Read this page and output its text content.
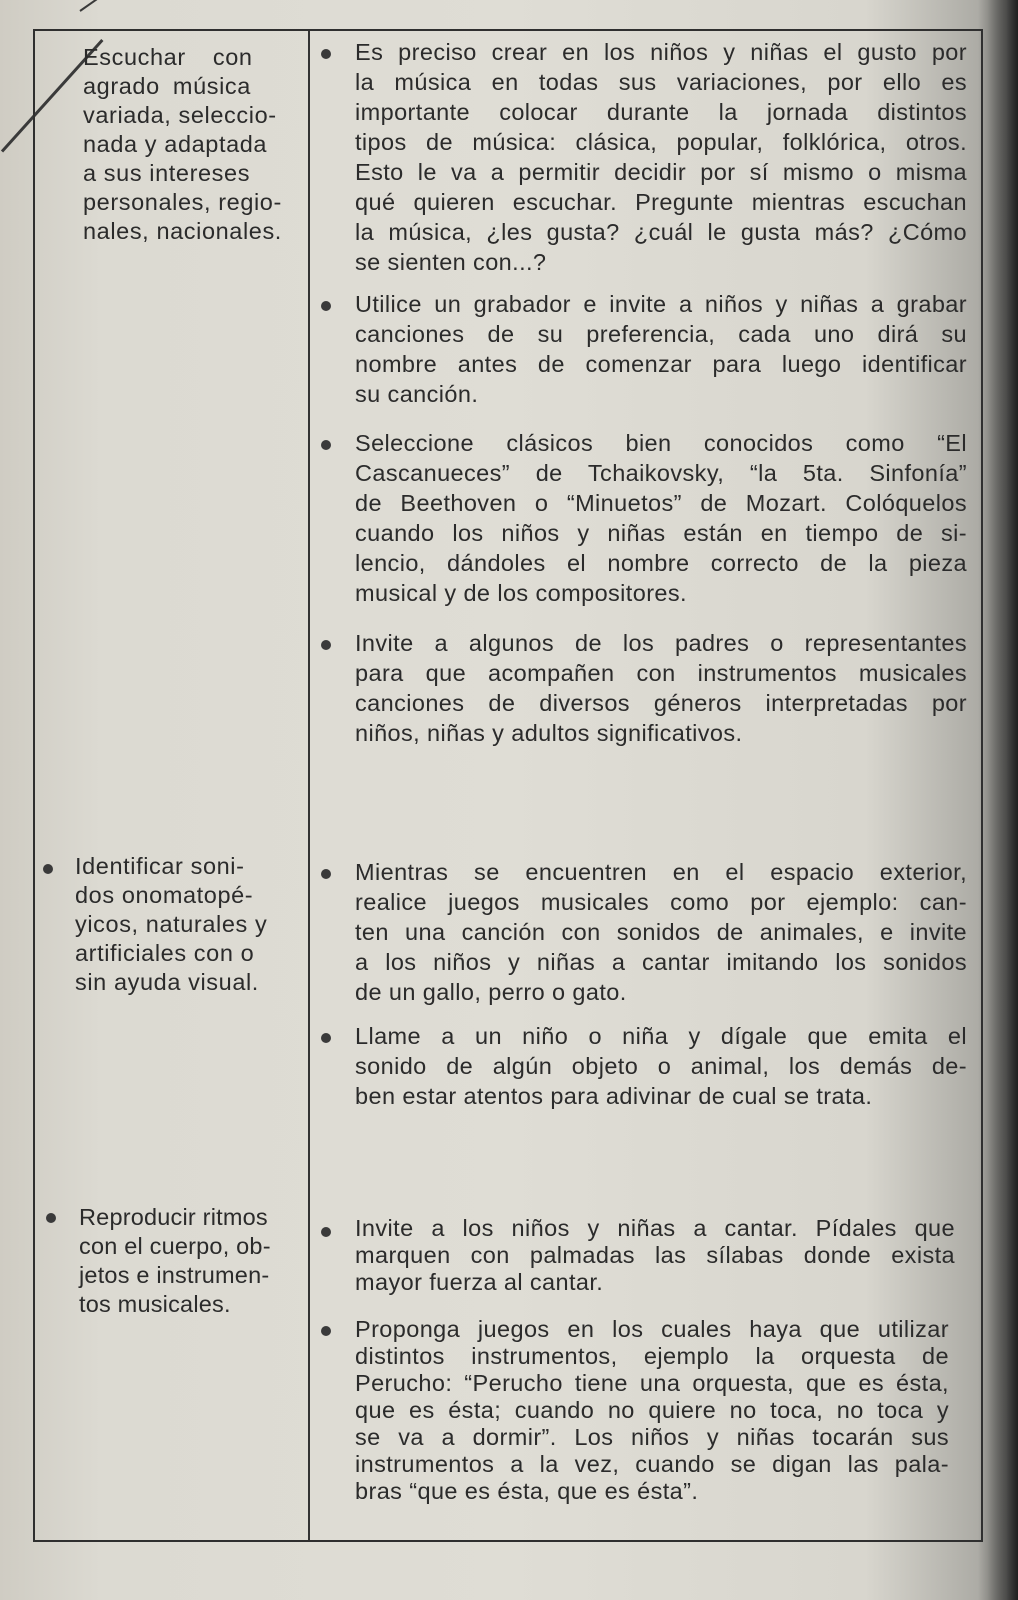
Escuchar con
agrado música
variada, seleccio-
nada y adaptada
a sus intereses
personales, regio-
nales, nacionales.
Es preciso crear en los niños y niñas el gusto por
la música en todas sus variaciones, por ello es
importante colocar durante la jornada distintos
tipos de música: clásica, popular, folklórica, otros.
Esto le va a permitir decidir por sí mismo o misma
qué quieren escuchar. Pregunte mientras escuchan
la música, ¿les gusta? ¿cuál le gusta más? ¿Cómo
se sienten con...?
Utilice un grabador e invite a niños y niñas a grabar
canciones de su preferencia, cada uno dirá su
nombre antes de comenzar para luego identificar
su canción.
Seleccione clásicos bien conocidos como “El
Cascanueces” de Tchaikovsky, “la 5ta. Sinfonía”
de Beethoven o “Minuetos” de Mozart. Colóquelos
cuando los niños y niñas están en tiempo de si-
lencio, dándoles el nombre correcto de la pieza
musical y de los compositores.
Invite a algunos de los padres o representantes
para que acompañen con instrumentos musicales
canciones de diversos géneros interpretadas por
niños, niñas y adultos significativos.
Identificar soni-
dos onomatopé-
yicos, naturales y
artificiales con o
sin ayuda visual.
Mientras se encuentren en el espacio exterior,
realice juegos musicales como por ejemplo: can-
ten una canción con sonidos de animales, e invite
a los niños y niñas a cantar imitando los sonidos
de un gallo, perro o gato.
Llame a un niño o niña y dígale que emita el
sonido de algún objeto o animal, los demás de-
ben estar atentos para adivinar de cual se trata.
Reproducir ritmos
con el cuerpo, ob-
jetos e instrumen-
tos musicales.
Invite a los niños y niñas a cantar. Pídales que
marquen con palmadas las sílabas donde exista
mayor fuerza al cantar.
Proponga juegos en los cuales haya que utilizar
distintos instrumentos, ejemplo la orquesta de
Perucho: “Perucho tiene una orquesta, que es ésta,
que es ésta; cuando no quiere no toca, no toca y
se va a dormir”. Los niños y niñas tocarán sus
instrumentos a la vez, cuando se digan las pala-
bras “que es ésta, que es ésta”.
